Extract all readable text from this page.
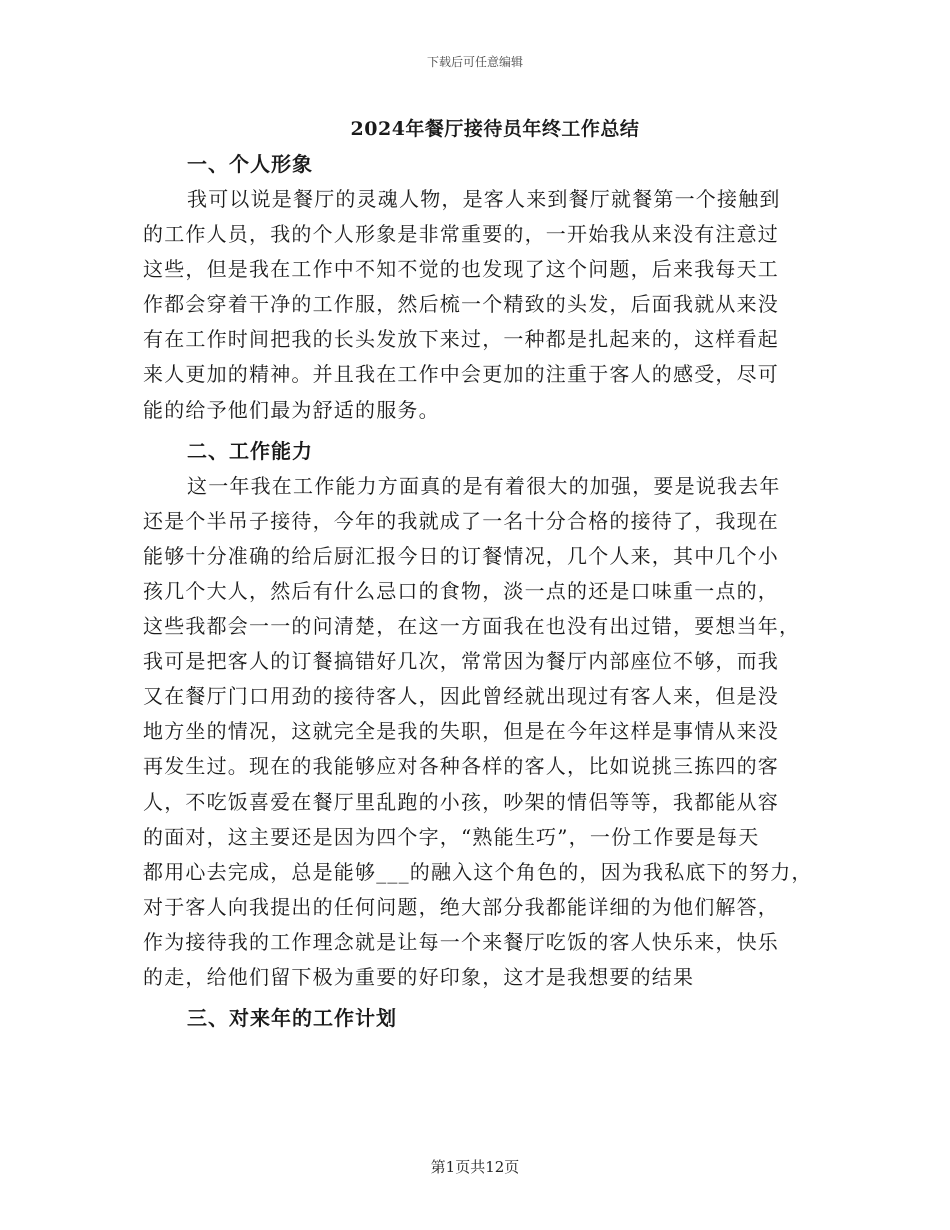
下载后可任意编辑
2024年餐厅接待员年终工作总结
一、个人形象
我可以说是餐厅的灵魂人物，是客人来到餐厅就餐第一个接触到
的工作人员，我的个人形象是非常重要的，一开始我从来没有注意过
这些，但是我在工作中不知不觉的也发现了这个问题，后来我每天工
作都会穿着干净的工作服，然后梳一个精致的头发，后面我就从来没
有在工作时间把我的长头发放下来过，一种都是扎起来的，这样看起
来人更加的精神。并且我在工作中会更加的注重于客人的感受，尽可
能的给予他们最为舒适的服务。
二、工作能力
这一年我在工作能力方面真的是有着很大的加强，要是说我去年
还是个半吊子接待，今年的我就成了一名十分合格的接待了，我现在
能够十分准确的给后厨汇报今日的订餐情况，几个人来，其中几个小
孩几个大人，然后有什么忌口的食物，淡一点的还是口味重一点的，
这些我都会一一的问清楚，在这一方面我在也没有出过错，要想当年，
我可是把客人的订餐搞错好几次，常常因为餐厅内部座位不够，而我
又在餐厅门口用劲的接待客人，因此曾经就出现过有客人来，但是没
地方坐的情况，这就完全是我的失职，但是在今年这样是事情从来没
再发生过。现在的我能够应对各种各样的客人，比如说挑三拣四的客
人，不吃饭喜爱在餐厅里乱跑的小孩，吵架的情侣等等，我都能从容
的面对，这主要还是因为四个字，“熟能生巧”，一份工作要是每天
都用心去完成，总是能够___的融入这个角色的，因为我私底下的努力，
对于客人向我提出的任何问题，绝大部分我都能详细的为他们解答，
作为接待我的工作理念就是让每一个来餐厅吃饭的客人快乐来，快乐
的走，给他们留下极为重要的好印象，这才是我想要的结果
三、对来年的工作计划
第1页共12页
